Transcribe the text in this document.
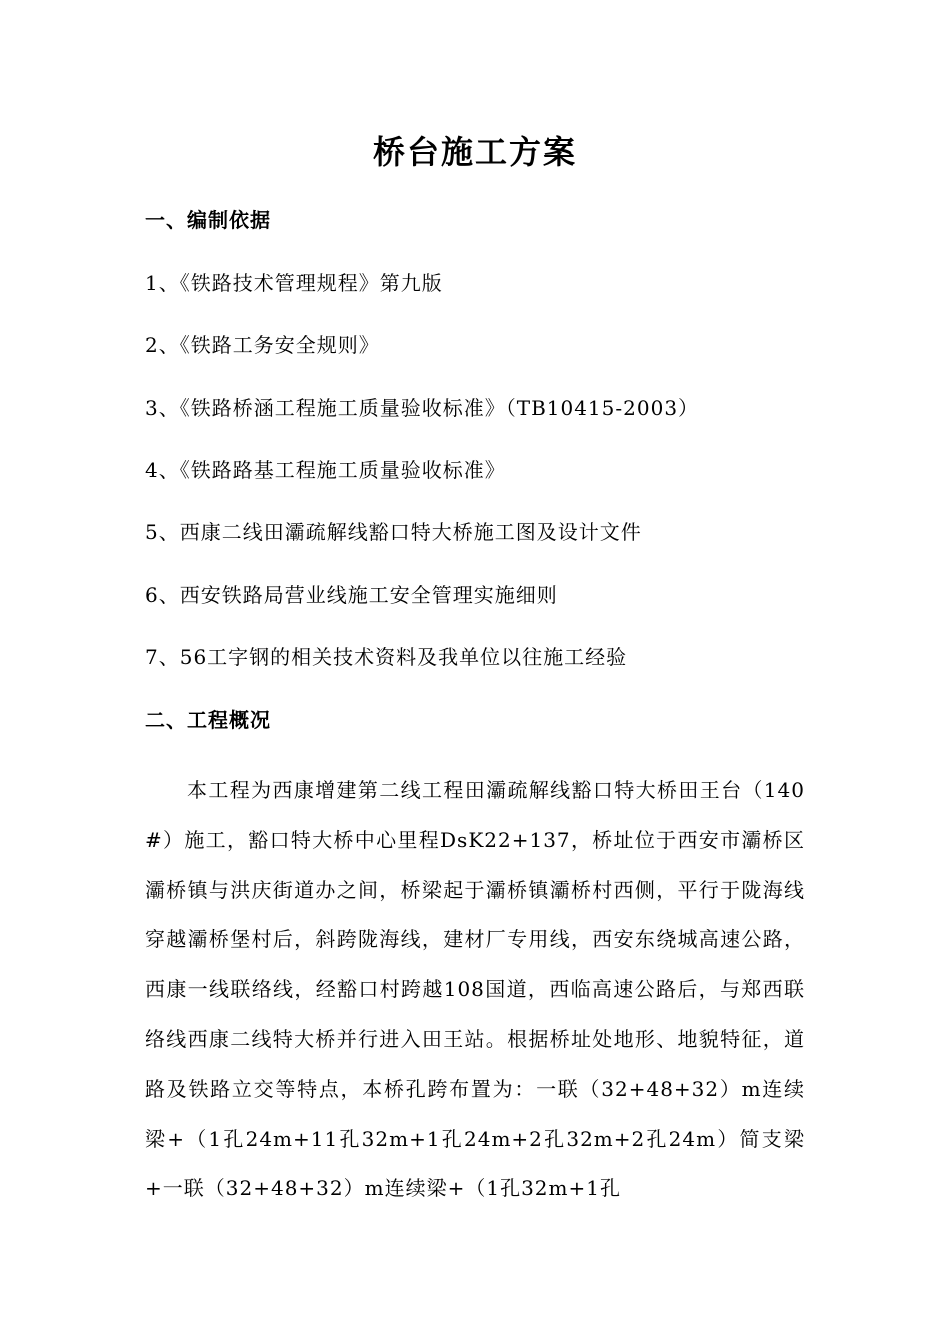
桥台施工方案
一、编制依据
1、《铁路技术管理规程》第九版
2、《铁路工务安全规则》
3、《铁路桥涵工程施工质量验收标准》（TB10415-2003）
4、《铁路路基工程施工质量验收标准》
5、西康二线田灞疏解线豁口特大桥施工图及设计文件
6、西安铁路局营业线施工安全管理实施细则
7、56工字钢的相关技术资料及我单位以往施工经验
二、工程概况
本工程为西康增建第二线工程田灞疏解线豁口特大桥田王台（140#）施工，豁口特大桥中心里程DsK22+137，桥址位于西安市灞桥区灞桥镇与洪庆街道办之间，桥梁起于灞桥镇灞桥村西侧，平行于陇海线穿越灞桥堡村后，斜跨陇海线，建材厂专用线，西安东绕城高速公路，西康一线联络线，经豁口村跨越108国道，西临高速公路后，与郑西联络线西康二线特大桥并行进入田王站。根据桥址处地形、地貌特征，道路及铁路立交等特点，本桥孔跨布置为：一联（32+48+32）m连续梁+（1孔24m+11孔32m+1孔24m+2孔32m+2孔24m）简支梁+一联（32+48+32）m连续梁+（1孔32m+1孔
